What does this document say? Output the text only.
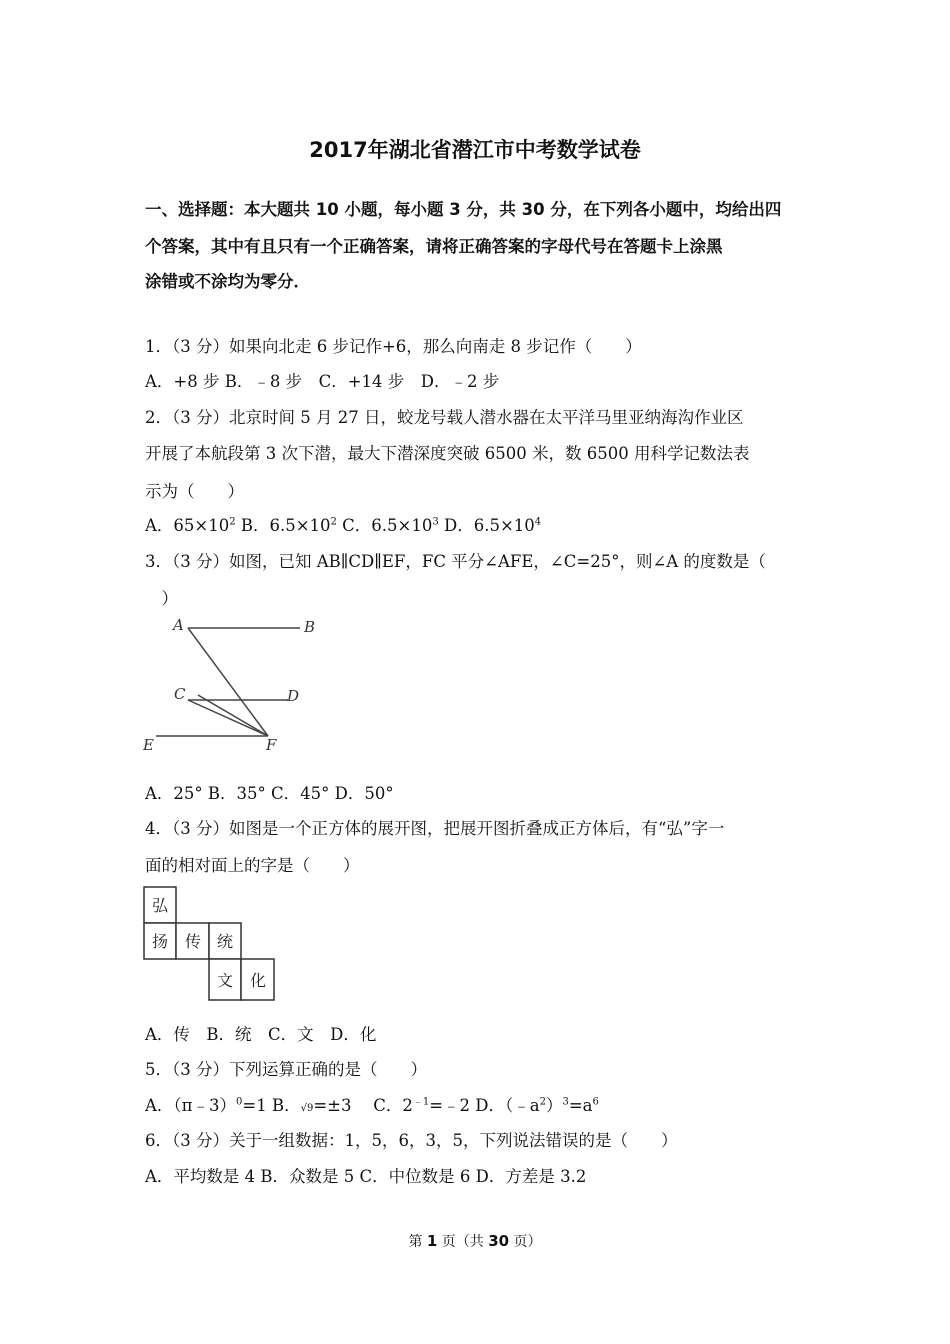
2017年湖北省潜江市中考数学试卷
一、选择题：本大题共 10 小题，每小题 3 分，共 30 分，在下列各小题中，均给出四
个答案，其中有且只有一个正确答案，请将正确答案的字母代号在答题卡上涂黑
涂错或不涂均为零分．
1．（3 分）如果向北走 6 步记作+6，那么向南走 8 步记作（　　）
A．+8 步 B．﹣8 步　C．+14 步　D．﹣2 步
2．（3 分）北京时间 5 月 27 日，蛟龙号载人潜水器在太平洋马里亚纳海沟作业区
开展了本航段第 3 次下潜，最大下潜深度突破 6500 米，数 6500 用科学记数法表
示为（　　）
A．$65\times 10^2$ B．$6.5\times 10^2$ C．$6.5\times 10^3$ D．$6.5\times 10^4$
3．（3 分）如图，已知 AB∥CD∥EF，FC 平分∠AFE，∠C=25°，则∠A 的度数是（
　）
A	B
C	D
E	F
A．25° B．35° C．45° D．50°
4．（3 分）如图是一个正方体的展开图，把展开图折叠成正方体后，有“弘”字一
面的相对面上的字是（　　）
弘
扬 传 统
文 化
A．传　B．统　C．文　D．化
5．（3 分）下列运算正确的是（　　）
A．（π﹣3）$^0$=1 B．√9=±3　 C．$2^{﹣1}=﹣2$ D．$(﹣a^2)^3=a^6$
6．（3 分）关于一组数据：1，5，6，3，5，下列说法错误的是（　　）
A．平均数是 4 B．众数是 5 C．中位数是 6 D．方差是 3.2
第 1 页（共 30 页）
